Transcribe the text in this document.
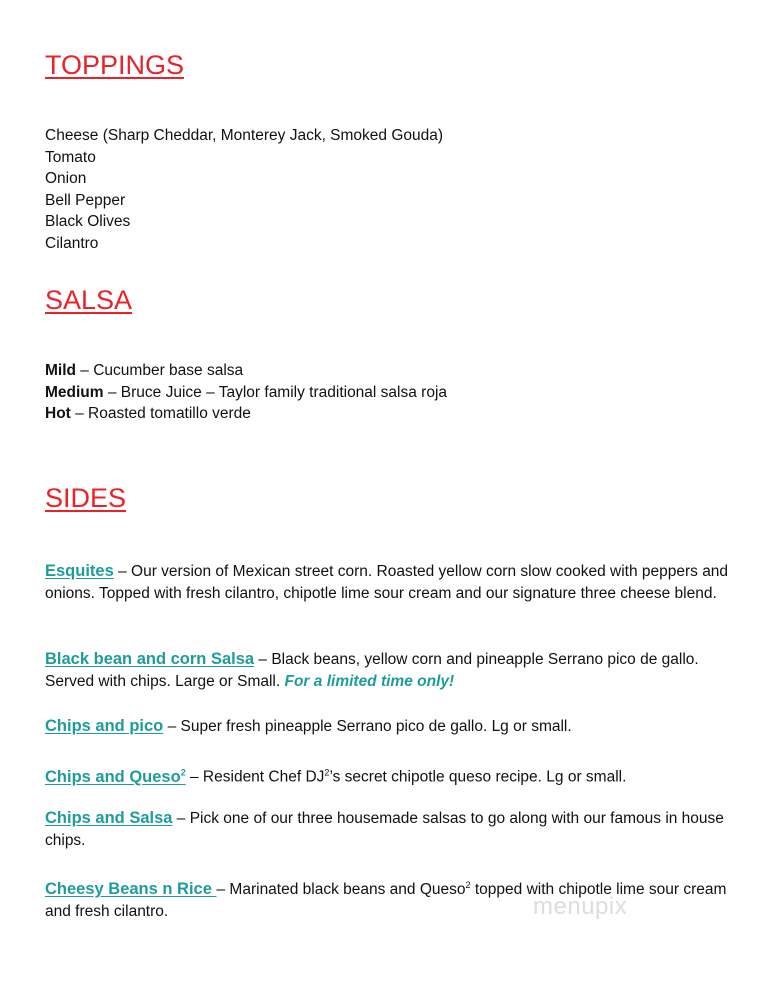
TOPPINGS
Cheese (Sharp Cheddar, Monterey Jack, Smoked Gouda)
Tomato
Onion
Bell Pepper
Black Olives
Cilantro
SALSA
Mild – Cucumber base salsa
Medium – Bruce Juice – Taylor family traditional salsa roja
Hot – Roasted tomatillo verde
SIDES
Esquites – Our version of Mexican street corn. Roasted yellow corn slow cooked with peppers and onions. Topped with fresh cilantro, chipotle lime sour cream and our signature three cheese blend.
Black bean and corn Salsa – Black beans, yellow corn and pineapple Serrano pico de gallo. Served with chips. Large or Small. For a limited time only!
Chips and pico – Super fresh pineapple Serrano pico de gallo. Lg or small.
Chips and Queso$^2$ – Resident Chef $DJ^2’s$ secret chipotle queso recipe. Lg or small.
Chips and Salsa – Pick one of our three housemade salsas to go along with our famous in house chips.
Cheesy Beans n Rice – Marinated black beans and Queso$^2$ topped with chipotle lime sour cream and fresh cilantro.	menupix
